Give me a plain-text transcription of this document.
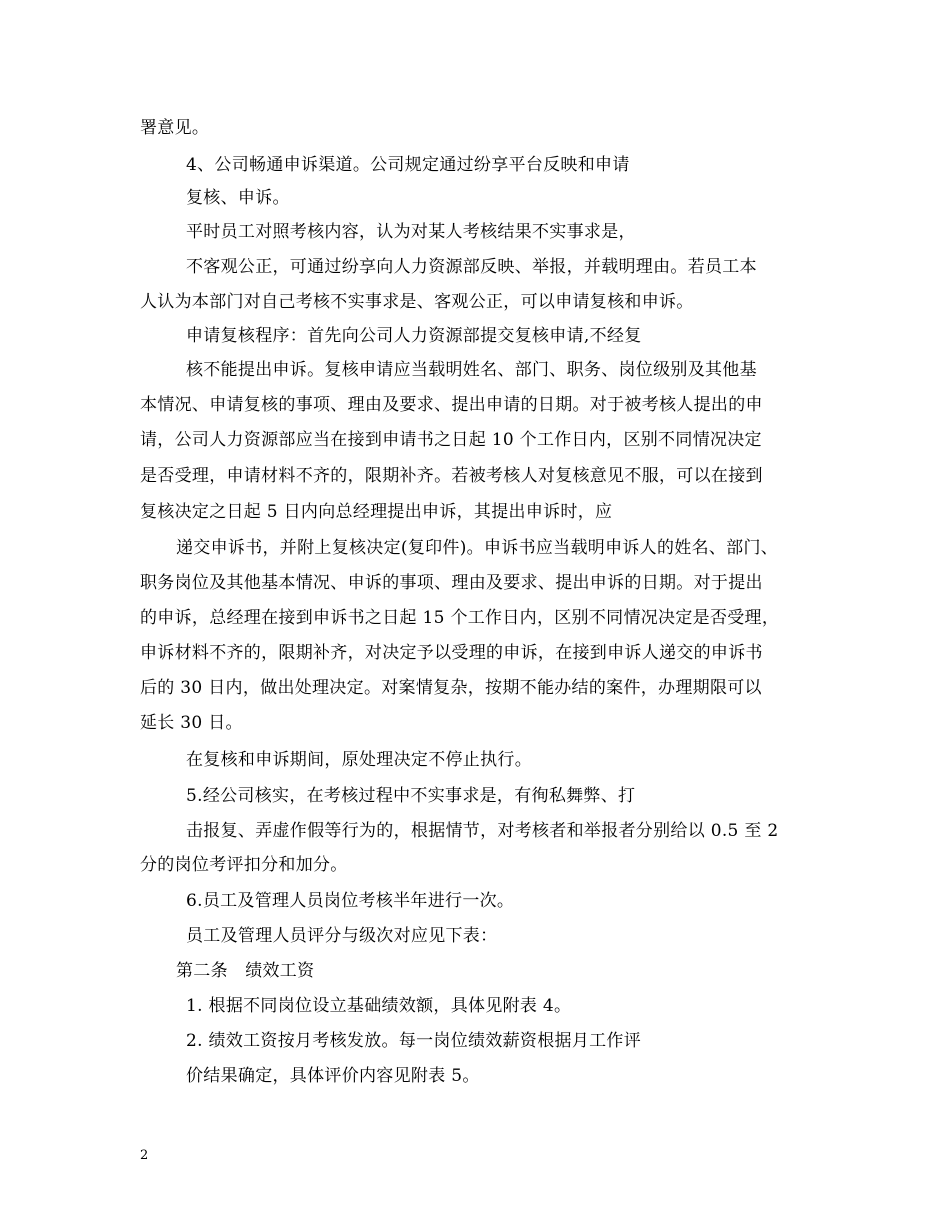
署意见。
4、公司畅通申诉渠道。公司规定通过纷享平台反映和申请
复核、申诉。
平时员工对照考核内容，认为对某人考核结果不实事求是，
不客观公正，可通过纷享向人力资源部反映、举报，并载明理由。若员工本
人认为本部门对自己考核不实事求是、客观公正，可以申请复核和申诉。
申请复核程序：首先向公司人力资源部提交复核申请,不经复
核不能提出申诉。复核申请应当载明姓名、部门、职务、岗位级别及其他基
本情况、申请复核的事项、理由及要求、提出申请的日期。对于被考核人提出的申
请，公司人力资源部应当在接到申请书之日起 10 个工作日内，区别不同情况决定
是否受理，申请材料不齐的，限期补齐。若被考核人对复核意见不服，可以在接到
复核决定之日起 5 日内向总经理提出申诉，其提出申诉时，应
递交申诉书，并附上复核决定(复印件)。申诉书应当载明申诉人的姓名、部门、
职务岗位及其他基本情况、申诉的事项、理由及要求、提出申诉的日期。对于提出
的申诉，总经理在接到申诉书之日起 15 个工作日内，区别不同情况决定是否受理，
申诉材料不齐的，限期补齐，对决定予以受理的申诉，在接到申诉人递交的申诉书
后的 30 日内，做出处理决定。对案情复杂，按期不能办结的案件，办理期限可以
延长 30 日。
在复核和申诉期间，原处理决定不停止执行。
5.经公司核实，在考核过程中不实事求是，有徇私舞弊、打
击报复、弄虚作假等行为的，根据情节，对考核者和举报者分别给以 0.5 至 2
分的岗位考评扣分和加分。
6.员工及管理人员岗位考核半年进行一次。
员工及管理人员评分与级次对应见下表：
第二条　绩效工资
1. 根据不同岗位设立基础绩效额，具体见附表 4。
2. 绩效工资按月考核发放。每一岗位绩效薪资根据月工作评
价结果确定，具体评价内容见附表 5。
2
